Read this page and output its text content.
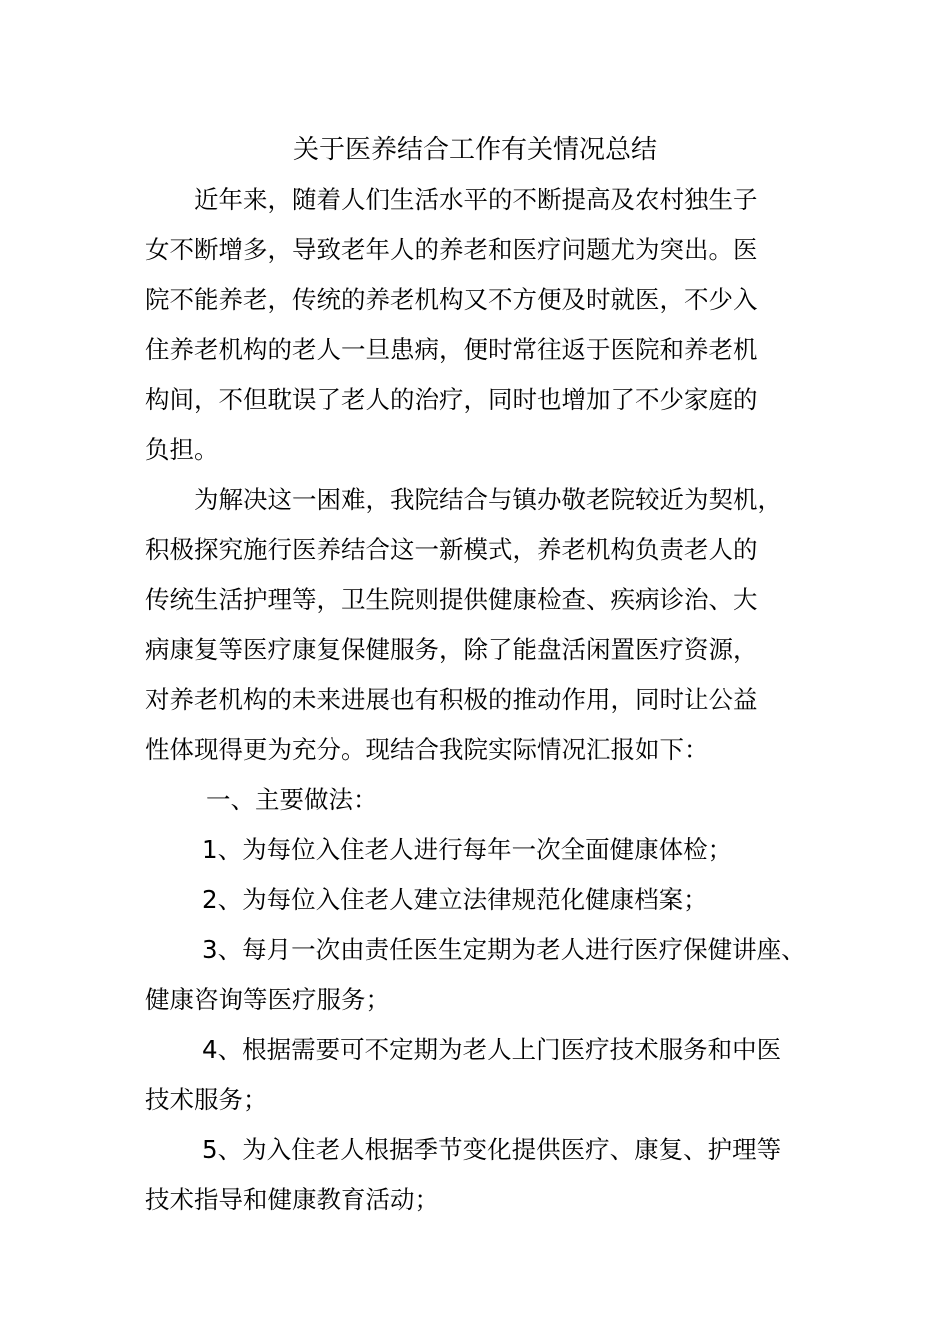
关于医养结合工作有关情况总结
近年来，随着人们生活水平的不断提高及农村独生子
女不断增多，导致老年人的养老和医疗问题尤为突出。医
院不能养老，传统的养老机构又不方便及时就医，不少入
住养老机构的老人一旦患病，便时常往返于医院和养老机
构间，不但耽误了老人的治疗，同时也增加了不少家庭的
负担。
为解决这一困难，我院结合与镇办敬老院较近为契机，
积极探究施行医养结合这一新模式，养老机构负责老人的
传统生活护理等，卫生院则提供健康检查、疾病诊治、大
病康复等医疗康复保健服务，除了能盘活闲置医疗资源，
对养老机构的未来进展也有积极的推动作用，同时让公益
性体现得更为充分。现结合我院实际情况汇报如下：
一、主要做法：
1、为每位入住老人进行每年一次全面健康体检；
2、为每位入住老人建立法律规范化健康档案；
3、每月一次由责任医生定期为老人进行医疗保健讲座、
健康咨询等医疗服务；
4、根据需要可不定期为老人上门医疗技术服务和中医
技术服务；
5、为入住老人根据季节变化提供医疗、康复、护理等
技术指导和健康教育活动；
